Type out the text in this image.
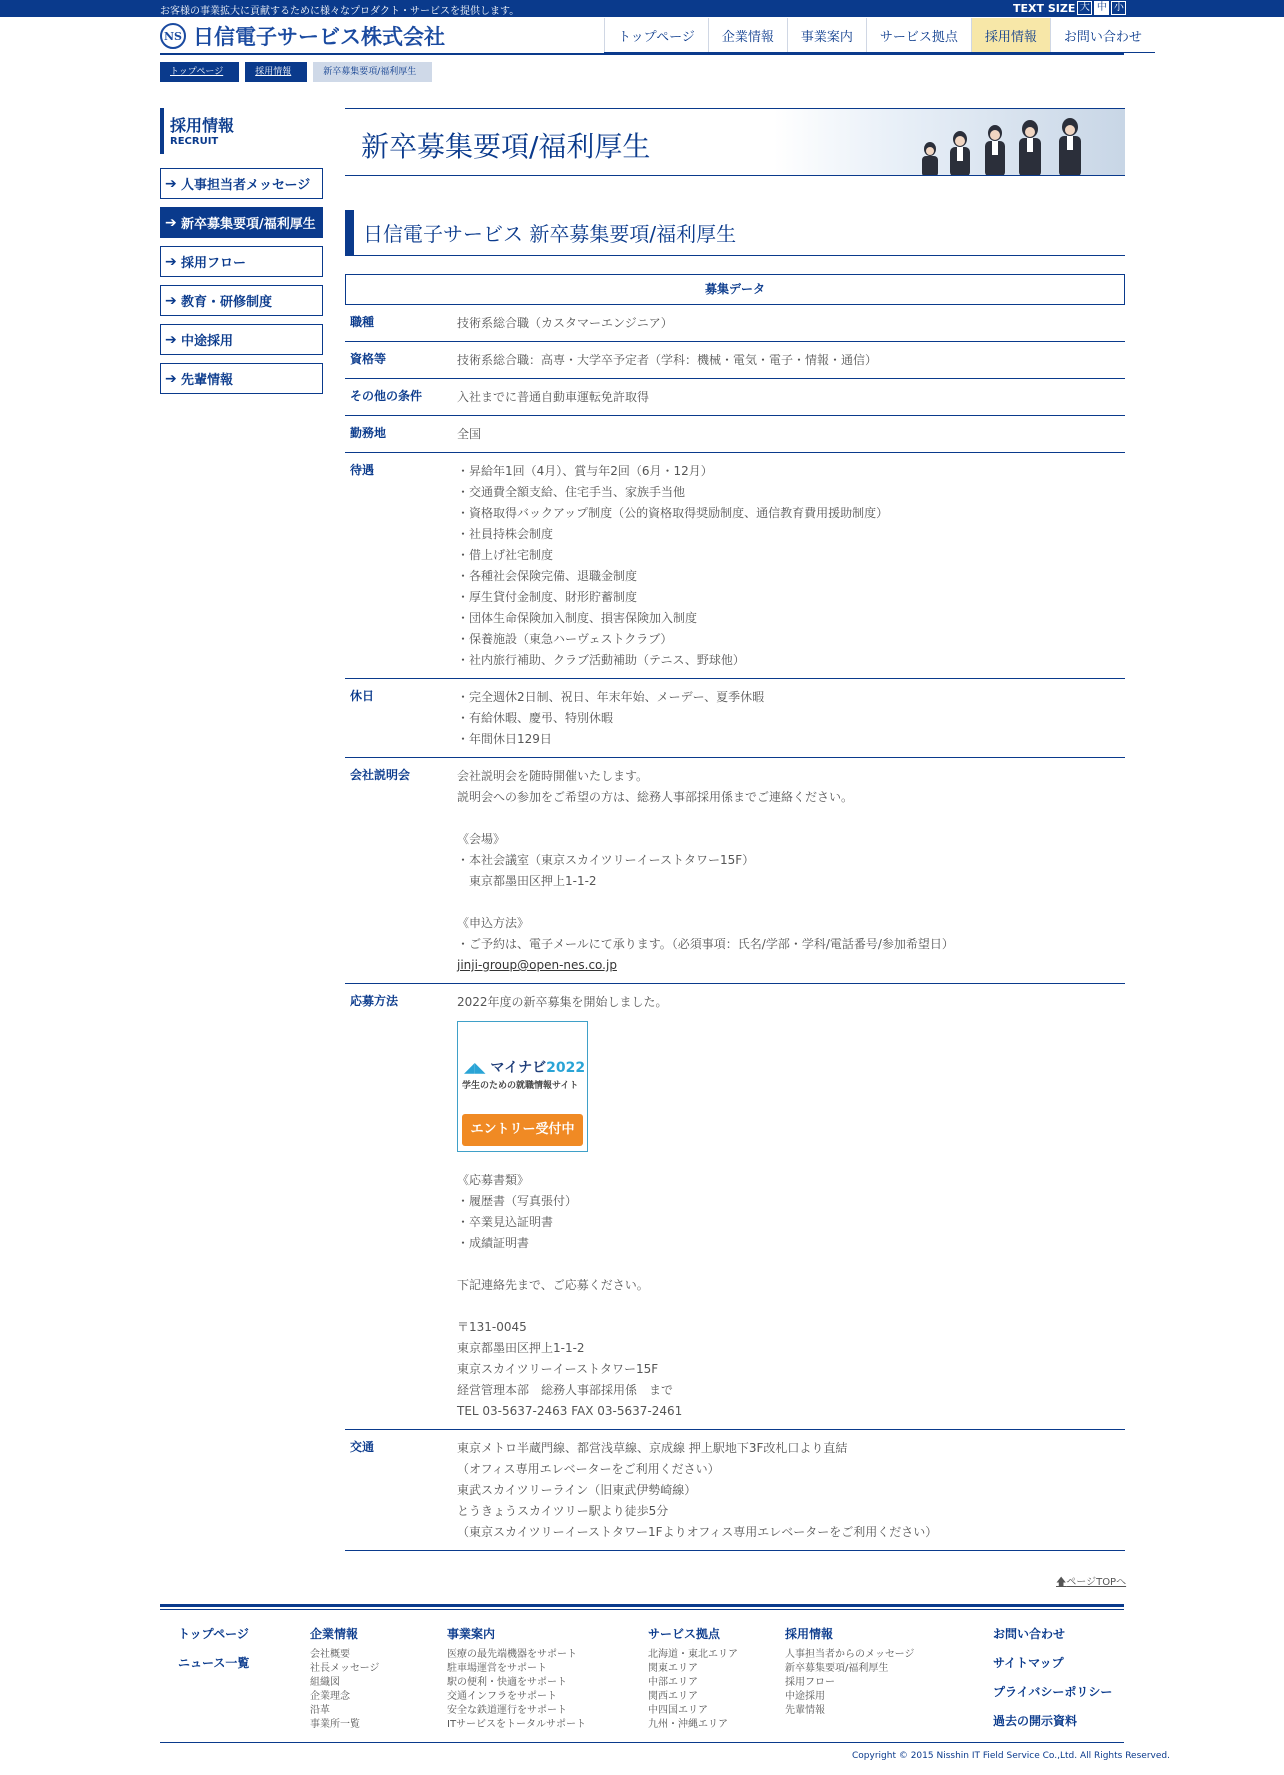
お客様の事業拡大に貢献するために様々なプロダクト・サービスを提供します。	TEXT SIZE 大 中 小
NS 日信電子サービス株式会社	トップページ	企業情報	事業案内	サービス拠点	採用情報	お問い合わせ
トップページ	採用情報	新卒募集要項/福利厚生
採用情報
RECRUIT
➔ 人事担当者メッセージ
➔ 新卒募集要項/福利厚生
➔ 採用フロー
➔ 教育・研修制度
➔ 中途採用
➔ 先輩情報
新卒募集要項/福利厚生
日信電子サービス 新卒募集要項/福利厚生
募集データ
職種	技術系総合職（カスタマーエンジニア）
資格等	技術系総合職：高専・大学卒予定者（学科：機械・電気・電子・情報・通信）
その他の条件	入社までに普通自動車運転免許取得
勤務地	全国
待遇	・昇給年1回（4月）、賞与年2回（6月・12月）
・交通費全額支給、住宅手当、家族手当他
・資格取得バックアップ制度（公的資格取得奨励制度、通信教育費用援助制度）
・社員持株会制度
・借上げ社宅制度
・各種社会保険完備、退職金制度
・厚生貸付金制度、財形貯蓄制度
・団体生命保険加入制度、損害保険加入制度
・保養施設（東急ハーヴェストクラブ）
・社内旅行補助、クラブ活動補助（テニス、野球他）
休日	・完全週休2日制、祝日、年末年始、メーデー、夏季休暇
・有給休暇、慶弔、特別休暇
・年間休日129日
会社説明会	会社説明会を随時開催いたします。
説明会への参加をご希望の方は、総務人事部採用係までご連絡ください。
《会場》
・本社会議室（東京スカイツリーイーストタワー15F）
　東京都墨田区押上1-1-2
《申込方法》
・ご予約は、電子メールにて承ります。（必須事項：氏名/学部・学科/電話番号/参加希望日）
jinji-group@open-nes.co.jp
応募方法	2022年度の新卒募集を開始しました。
◢◣ マイナビ2022
学生のための就職情報サイト
エントリー受付中
《応募書類》
・履歴書（写真張付）
・卒業見込証明書
・成績証明書
下記連絡先まで、ご応募ください。
〒131-0045
東京都墨田区押上1-1-2
東京スカイツリーイーストタワー15F
経営管理本部　総務人事部採用係　まで
TEL 03-5637-2463 FAX 03-5637-2461
交通	東京メトロ半蔵門線、都営浅草線、京成線 押上駅地下3F改札口より直結
（オフィス専用エレベーターをご利用ください）
東武スカイツリーライン（旧東武伊勢崎線）
とうきょうスカイツリー駅より徒歩5分
（東京スカイツリーイーストタワー1Fよりオフィス専用エレベーターをご利用ください）
🡅ページTOPへ
トップページ
ニュース一覧
企業情報
会社概要
社長メッセージ
組織図
企業理念
沿革
事業所一覧
事業案内
医療の最先端機器をサポート
駐車場運営をサポート
駅の便利・快適をサポート
交通インフラをサポート
安全な鉄道運行をサポート
ITサービスをトータルサポート
サービス拠点
北海道・東北エリア
関東エリア
中部エリア
関西エリア
中四国エリア
九州・沖縄エリア
採用情報
人事担当者からのメッセージ
新卒募集要項/福利厚生
採用フロー
中途採用
先輩情報
お問い合わせ
サイトマップ
プライバシーポリシー
過去の開示資料
Copyright © 2015 Nisshin IT Field Service Co.,Ltd. All Rights Reserved.
